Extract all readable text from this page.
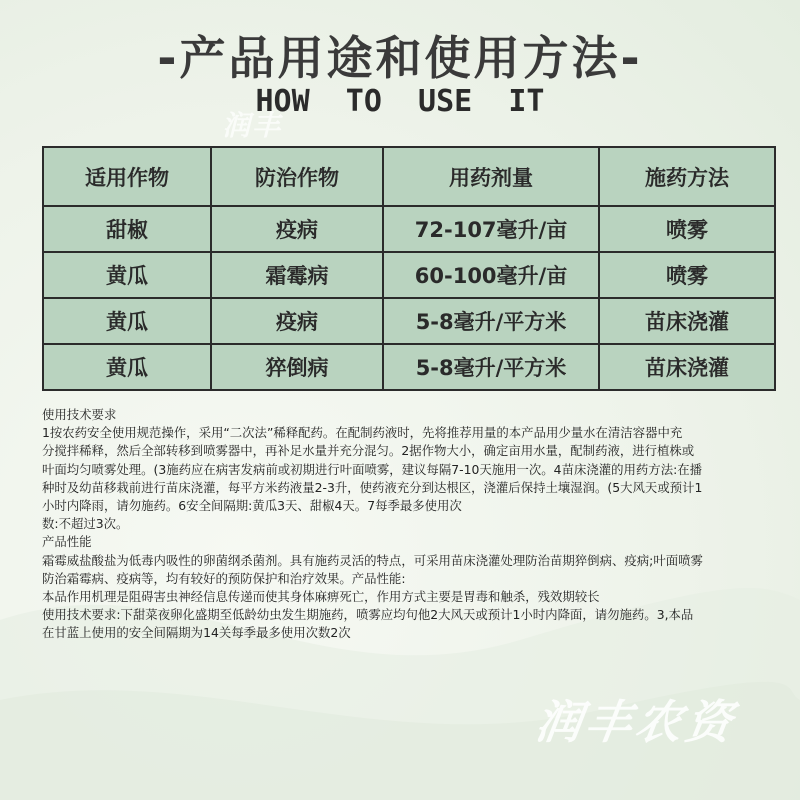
润丰
-产品用途和使用方法-
HOW  TO  USE  IT
适用作物	防治作物	用药剂量	施药方法
甜椒	疫病	72-107毫升/亩	喷雾
黄瓜	霜霉病	60-100毫升/亩	喷雾
黄瓜	疫病	5-8毫升/平方米	苗床浇灌
黄瓜	猝倒病	5-8毫升/平方米	苗床浇灌
使用技术要求
1按农药安全使用规范操作，采用“二次法”稀释配药。在配制药液时，先将推荐用量的本产品用少量水在清洁容器中充
分搅拌稀释，然后全部转移到喷雾器中，再补足水量并充分混匀。2据作物大小，确定亩用水量，配制药液，进行植株或
叶面均匀喷雾处理。(3施药应在病害发病前或初期进行叶面喷雾，建议每隔7-10天施用一次。4苗床浇灌的用药方法:在播
种时及幼苗移栽前进行苗床浇灌，每平方米药液量2-3升，使药液充分到达根区，浇灌后保持土壤湿润。(5大风天或预计1
小时内降雨，请勿施药。6安全间隔期:黄瓜3天、甜椒4天。7每季最多使用次
数:不超过3次。
产品性能
霜霉威盐酸盐为低毒内吸性的卵菌纲杀菌剂。具有施药灵活的特点，可采用苗床浇灌处理防治苗期猝倒病、疫病;叶面喷雾
防治霜霉病、疫病等，均有较好的预防保护和治疗效果。产品性能:
本品作用机理是阻碍害虫神经信息传递而使其身体麻痹死亡，作用方式主要是胃毒和触杀，残效期较长
使用技术要求:下甜菜夜卵化盛期至低龄幼虫发生期施药，喷雾应均句他2大风天或预计1小时内降面，请勿施药。3,本品
在甘蓝上使用的安全间隔期为14关每季最多使用次数2次
润丰农资
